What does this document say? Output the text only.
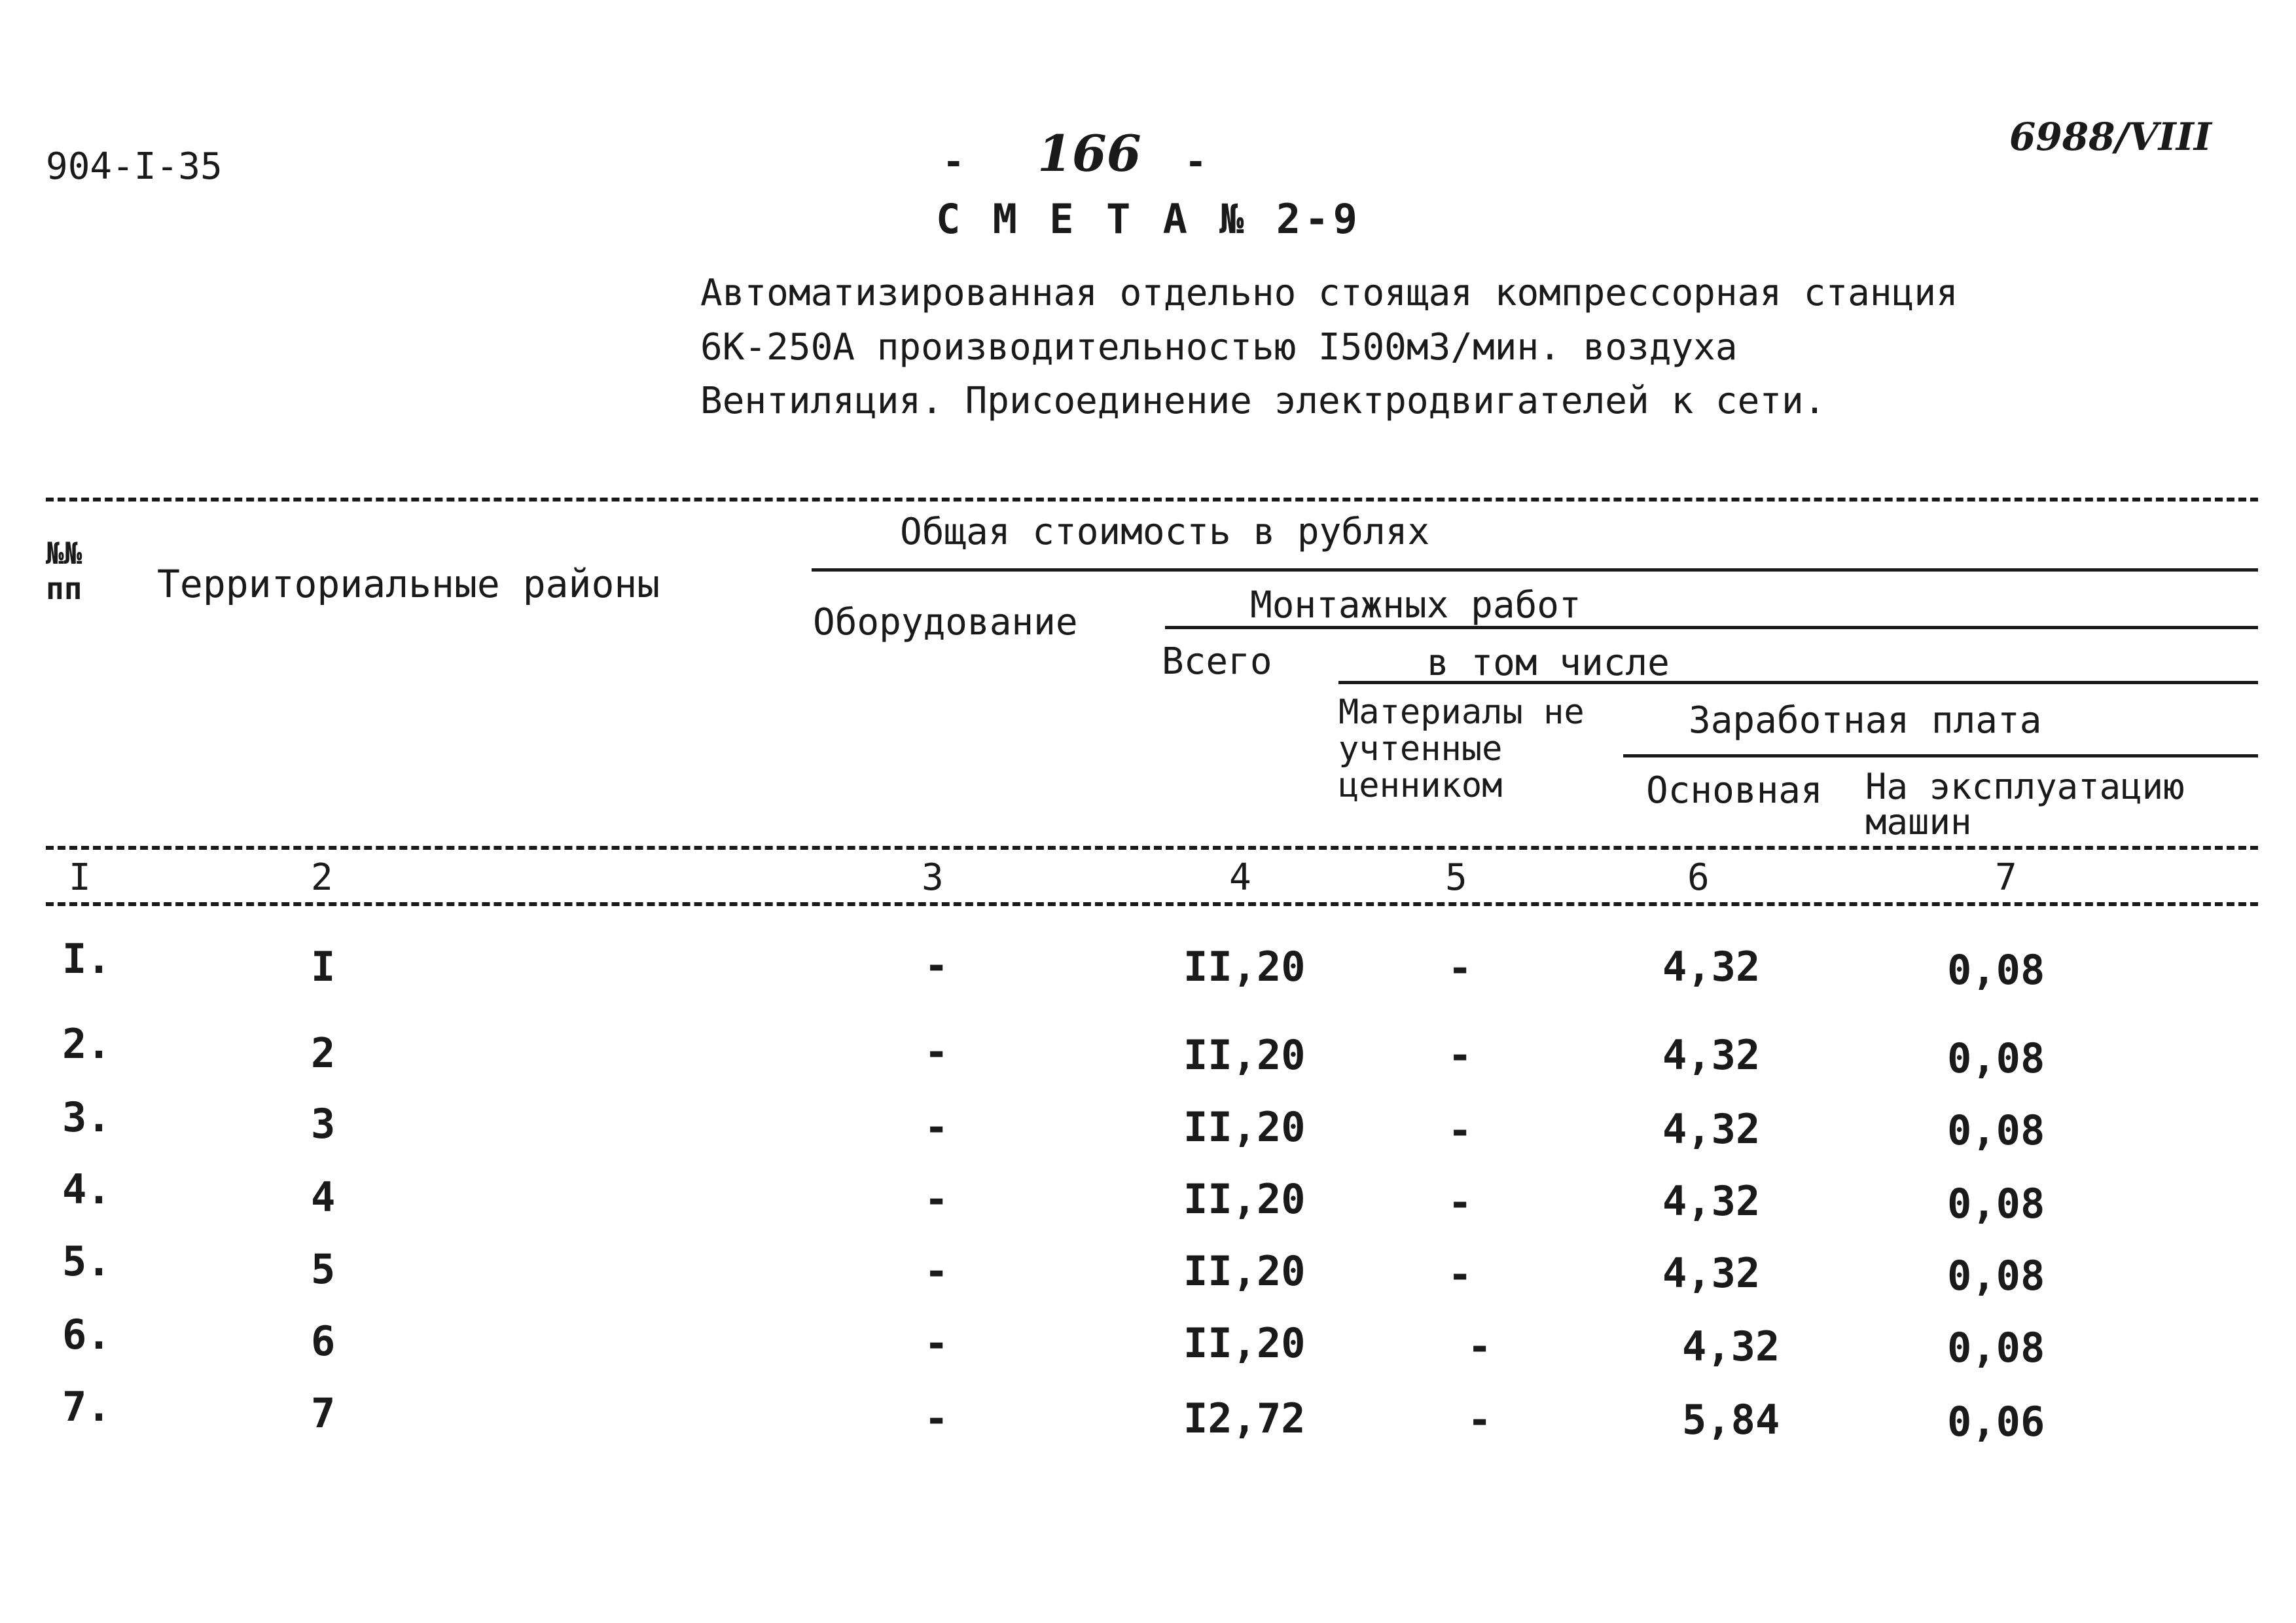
904-I-35	- 166 -
6988/VIII
С М Е Т А № 2-9
Автоматизированная отдельно стоящая компрессорная станция
6К-250А производительностью I500м3/мин. воздуха
Вентиляция. Присоединение электродвигателей к сети.
№№ пп	Территориальные районы
Общая стоимость в рублях
Оборудование	Монтажных работ
Всего	в том числе
Материалы не учтенные ценником
Заработная плата
Основная На эксплуатацию машин
I	2	3	4	5	6	7
I.	I	-	II,20	-	4,32	0,08
2.	2	-	II,20	-	4,32	0,08
3.	3	-	II,20	-	4,32	0,08
4.	4	-	II,20	-	4,32	0,08
5.	5	-	II,20	-	4,32	0,08
6.	6	-	II,20	-	4,32	0,08
7.	7	-	I2,72	-	5,84	0,06
